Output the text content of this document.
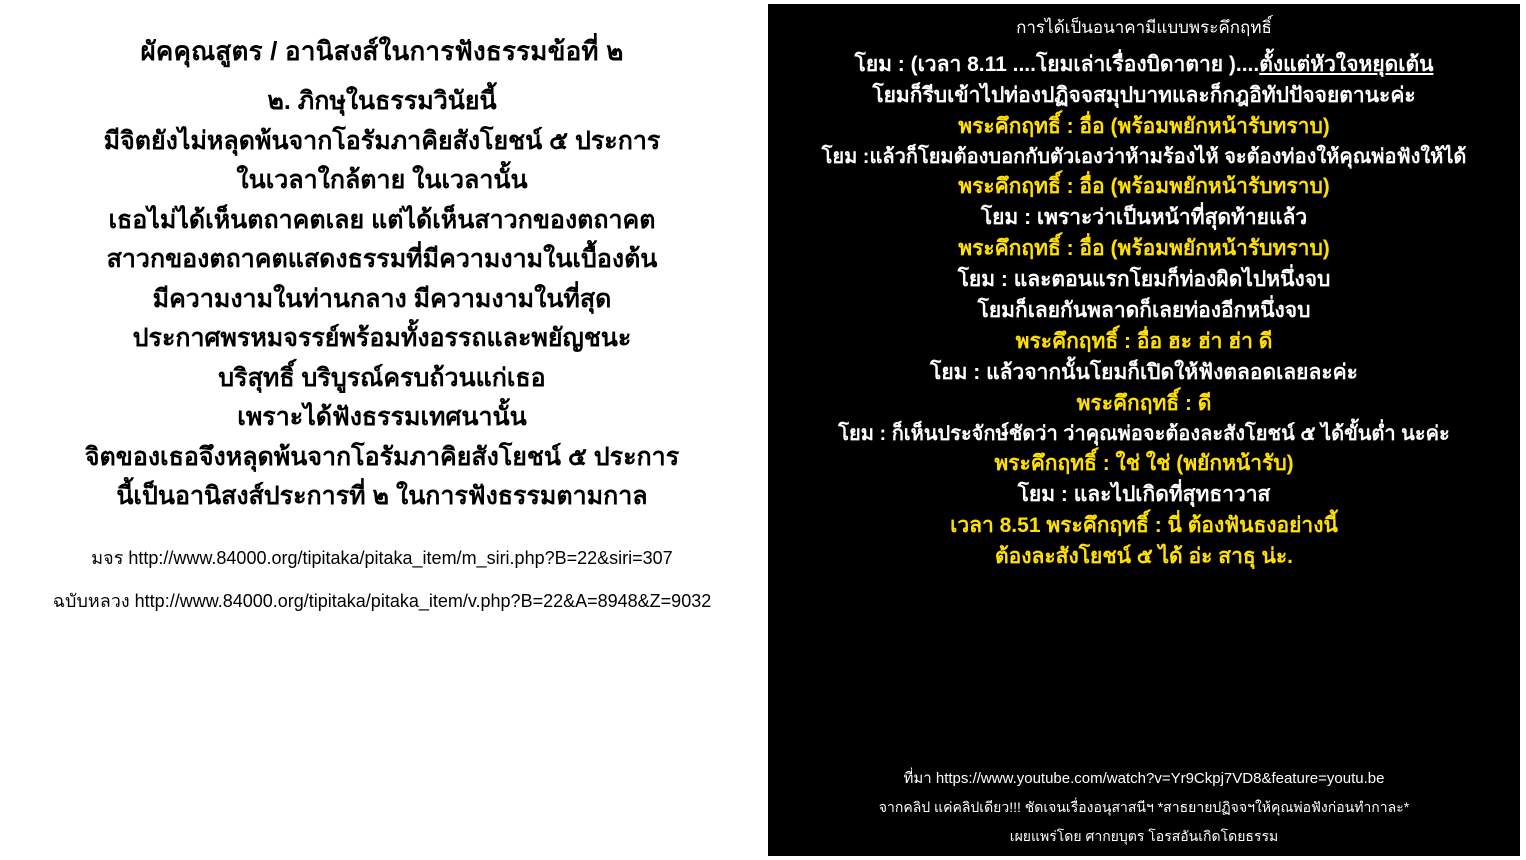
ผัคคุณสูตร / อานิสงส์ในการฟังธรรมข้อที่ ๒
๒. ภิกษุในธรรมวินัยนี้
มีจิตยังไม่หลุดพ้นจากโอรัมภาคิยสังโยชน์ ๕ ประการ
ในเวลาใกล้ตาย ในเวลานั้น
เธอไม่ได้เห็นตถาคตเลย แต่ได้เห็นสาวกของตถาคต
สาวกของตถาคตแสดงธรรมที่มีความงามในเบื้องต้น
มีความงามในท่านกลาง มีความงามในที่สุด
ประกาศพรหมจรรย์พร้อมทั้งอรรถและพยัญชนะ
บริสุทธิ์ บริบูรณ์ครบถ้วนแก่เธอ
เพราะได้ฟังธรรมเทศนานั้น
จิตของเธอจึงหลุดพ้นจากโอรัมภาคิยสังโยชน์ ๕ ประการ
นี้เป็นอานิสงส์ประการที่ ๒ ในการฟังธรรมตามกาล
มจร http://www.84000.org/tipitaka/pitaka_item/m_siri.php?B=22&siri=307
ฉบับหลวง http://www.84000.org/tipitaka/pitaka_item/v.php?B=22&A=8948&Z=9032
การได้เป็นอนาคามีแบบพระคึกฤทธิ์
โยม : (เวลา 8.11 ....โยมเล่าเรื่องบิดาตาย )....ตั้งแต่หัวใจหยุดเต้น
โยมก็รีบเข้าไปท่องปฏิจจสมุปบาทและก็กฎอิทัปปัจจยตานะค่ะ
พระคึกฤทธิ์ : อื่อ (พร้อมพยักหน้ารับทราบ)
โยม :แล้วก็โยมต้องบอกกับตัวเองว่าห้ามร้องไห้ จะต้องท่องให้คุณพ่อฟังให้ได้
พระคึกฤทธิ์ : อื่อ (พร้อมพยักหน้ารับทราบ)
โยม : เพราะว่าเป็นหน้าที่สุดท้ายแล้ว
พระคึกฤทธิ์ : อื่อ (พร้อมพยักหน้ารับทราบ)
โยม : และตอนแรกโยมก็ท่องผิดไปหนึ่งจบ
โยมก็เลยกันพลาดก็เลยท่องอีกหนึ่งจบ
พระคึกฤทธิ์ : อื่อ ฮะ ฮ่า ฮ่า ดี
โยม : แล้วจากนั้นโยมก็เปิดให้ฟังตลอดเลยละค่ะ
พระคึกฤทธิ์ : ดี
โยม : ก็เห็นประจักษ์ชัดว่า ว่าคุณพ่อจะต้องละสังโยชน์ ๕ ได้ขั้นต่ำ นะค่ะ
พระคึกฤทธิ์ : ใช่ ใช่ (พยักหน้ารับ)
โยม : และไปเกิดที่สุทธาวาส
เวลา 8.51 พระคึกฤทธิ์ : นี่ ต้องฟันธงอย่างนี้
ต้องละสังโยชน์ ๕ ได้ อ่ะ สาธุ น่ะ.
ที่มา https://www.youtube.com/watch?v=Yr9Ckpj7VD8&feature=youtu.be
จากคลิป แค่คลิปเดียว!!! ชัดเจนเรื่องอนุสาสนีฯ *สาธยายปฏิจจฯให้คุณพ่อฟังก่อนทำกาละ*
เผยแพร่โดย ศากยบุตร โอรสอันเกิดโดยธรรม
